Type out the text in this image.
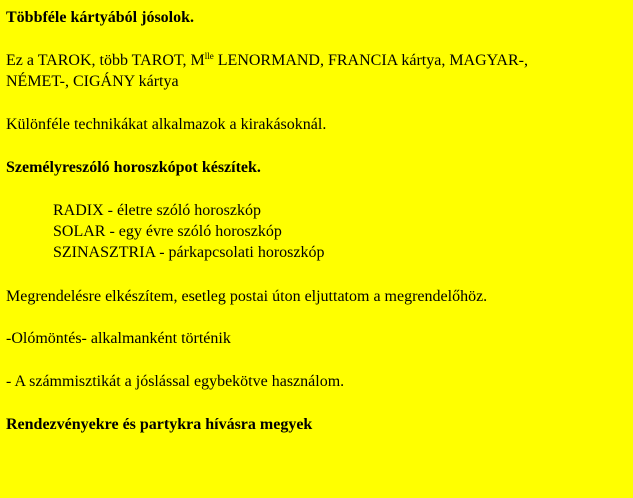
Többféle kártyából jósolok.
Ez a TAROK, több TAROT, $M^{lle}$ LENORMAND, FRANCIA kártya, MAGYAR-,
NÉMET-, CIGÁNY kártya
Különféle technikákat alkalmazok a kirakásoknál.
Személyreszóló horoszkópot készítek.
RADIX - életre szóló horoszkóp
SOLAR - egy évre szóló horoszkóp
SZINASZTRIA - párkapcsolati horoszkóp
Megrendelésre elkészítem, esetleg postai úton eljuttatom a megrendelőhöz.
-Olómöntés- alkalmanként történik
- A számmisztikát a jóslással egybekötve használom.
Rendezvényekre és partykra hívásra megyek
